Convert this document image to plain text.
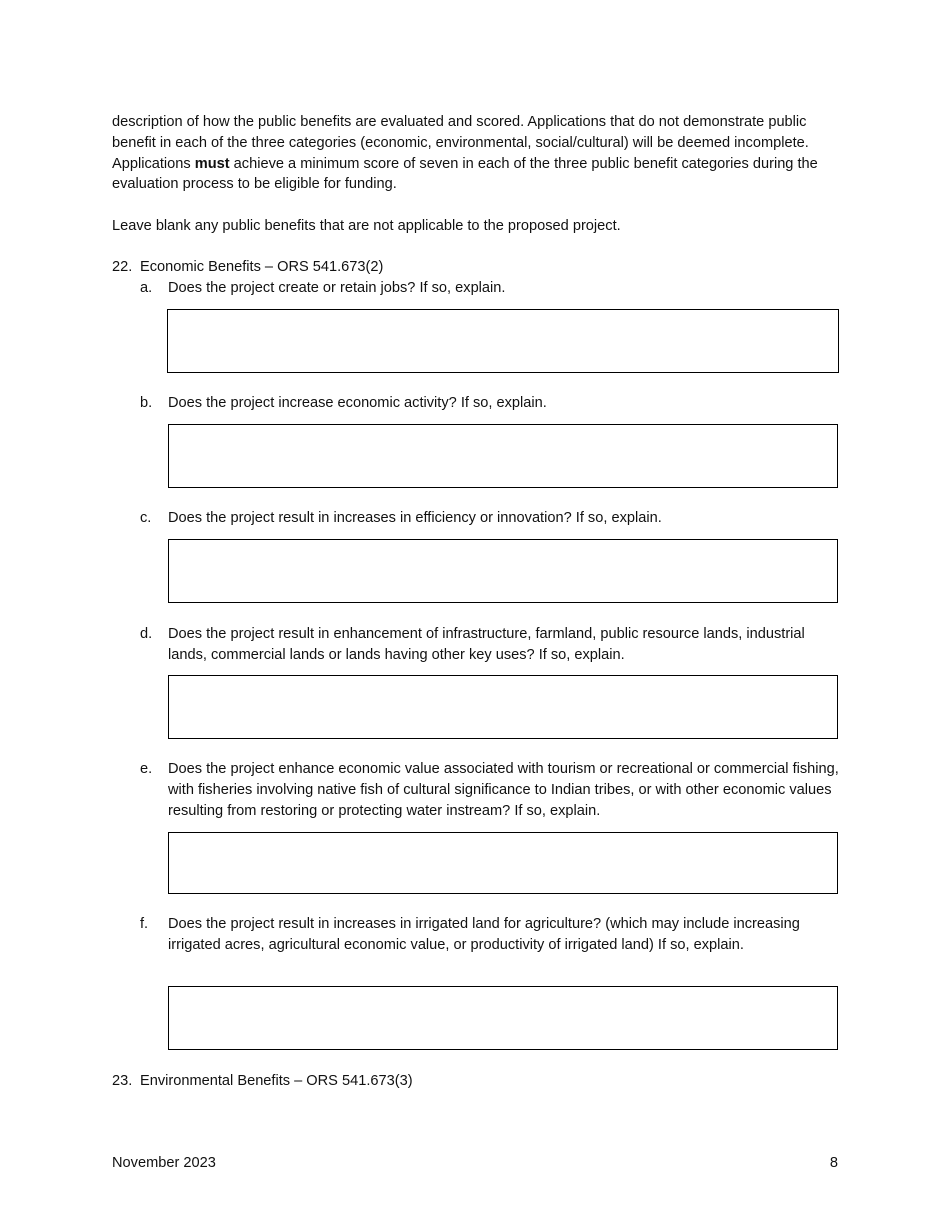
description of how the public benefits are evaluated and scored. Applications that do not demonstrate public benefit in each of the three categories (economic, environmental, social/cultural) will be deemed incomplete. Applications must achieve a minimum score of seven in each of the three public benefit categories during the evaluation process to be eligible for funding.

Leave blank any public benefits that are not applicable to the proposed project.

22. Economic Benefits – ORS 541.673(2)
a. Does the project create or retain jobs? If so, explain.

b. Does the project increase economic activity? If so, explain.

c. Does the project result in increases in efficiency or innovation? If so, explain.

d. Does the project result in enhancement of infrastructure, farmland, public resource lands, industrial lands, commercial lands or lands having other key uses? If so, explain.

e. Does the project enhance economic value associated with tourism or recreational or commercial fishing, with fisheries involving native fish of cultural significance to Indian tribes, or with other economic values resulting from restoring or protecting water instream? If so, explain.

f. Does the project result in increases in irrigated land for agriculture? (which may include increasing irrigated acres, agricultural economic value, or productivity of irrigated land) If so, explain.

23. Environmental Benefits – ORS 541.673(3)
November 2023	8
